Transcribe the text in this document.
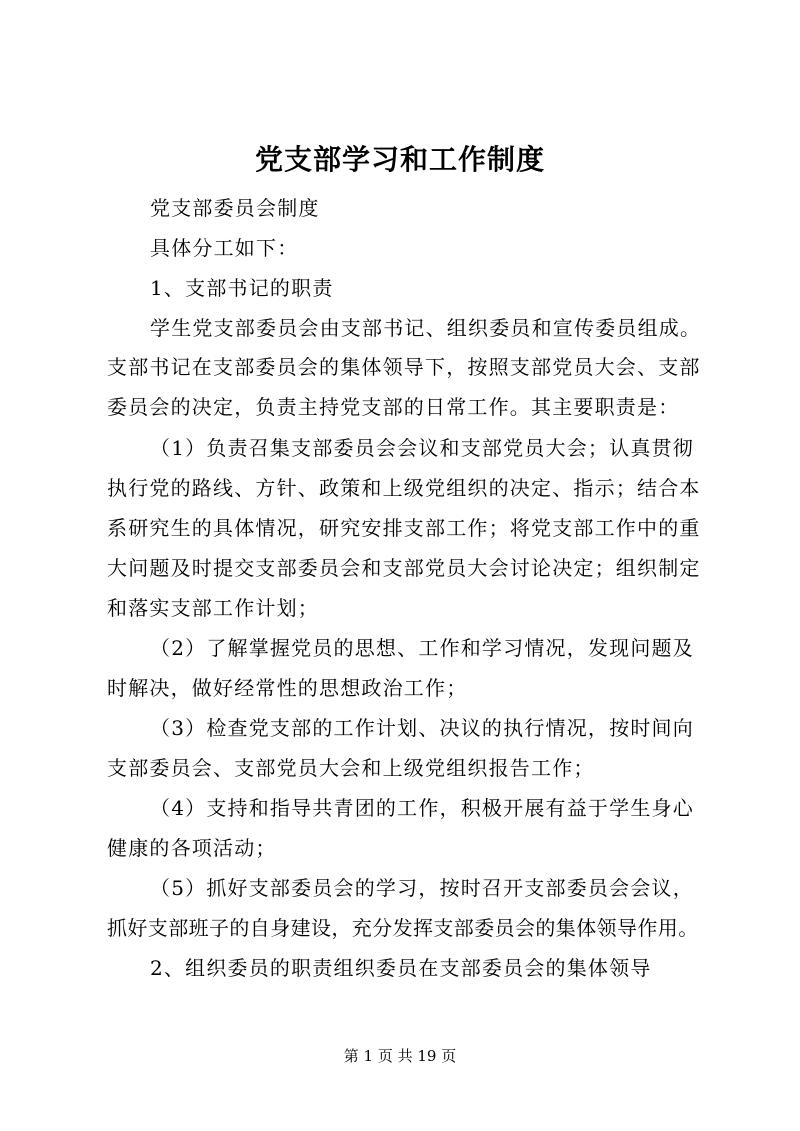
党支部学习和工作制度
党支部委员会制度
具体分工如下：
1、支部书记的职责
学生党支部委员会由支部书记、组织委员和宣传委员组成。
支部书记在支部委员会的集体领导下，按照支部党员大会、支部
委员会的决定，负责主持党支部的日常工作。其主要职责是：
（1）负责召集支部委员会会议和支部党员大会；认真贯彻
执行党的路线、方针、政策和上级党组织的决定、指示；结合本
系研究生的具体情况，研究安排支部工作；将党支部工作中的重
大问题及时提交支部委员会和支部党员大会讨论决定；组织制定
和落实支部工作计划；
（2）了解掌握党员的思想、工作和学习情况，发现问题及
时解决，做好经常性的思想政治工作；
（3）检查党支部的工作计划、决议的执行情况，按时间向
支部委员会、支部党员大会和上级党组织报告工作；
（4）支持和指导共青团的工作，积极开展有益于学生身心
健康的各项活动；
（5）抓好支部委员会的学习，按时召开支部委员会会议，
抓好支部班子的自身建设，充分发挥支部委员会的集体领导作用。
2、组织委员的职责组织委员在支部委员会的集体领导
第 1 页 共 19 页
